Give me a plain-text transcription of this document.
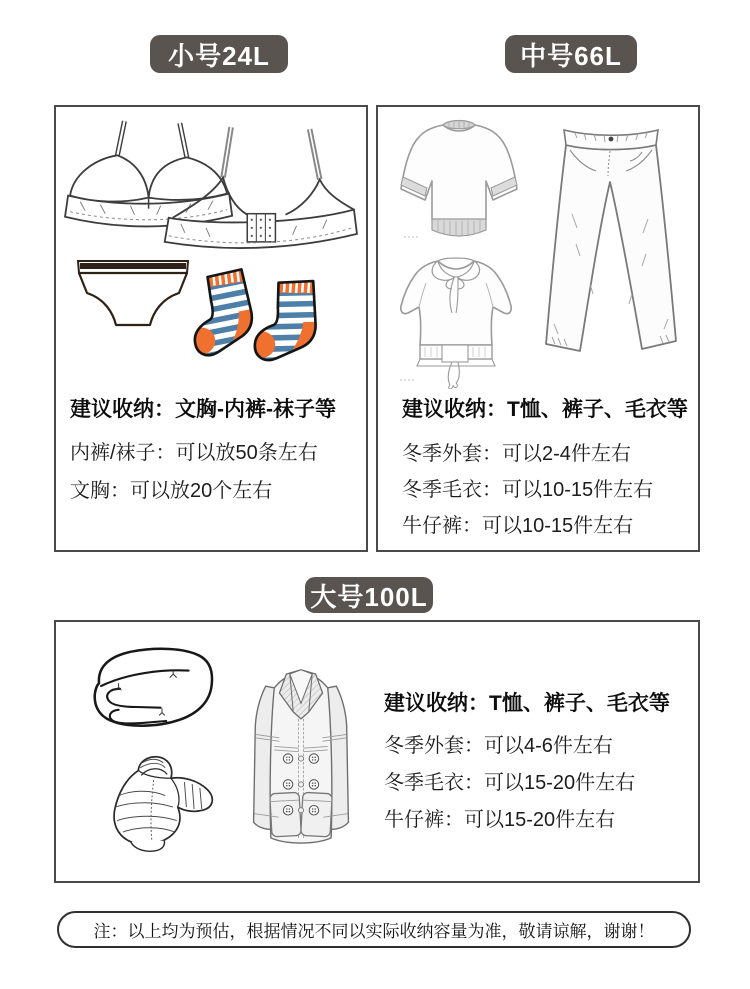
小号24L	中号66L
大号100L
建议收纳：文胸-内裤-袜子等
内裤/袜子：可以放50条左右
文胸：可以放20个左右
建议收纳：T恤、裤子、毛衣等
冬季外套：可以2-4件左右
冬季毛衣：可以10-15件左右
牛仔裤：可以10-15件左右
建议收纳：T恤、裤子、毛衣等
冬季外套：可以4-6件左右
冬季毛衣：可以15-20件左右
牛仔裤：可以15-20件左右
注：以上均为预估，根据情况不同以实际收纳容量为准，敬请谅解，谢谢！
